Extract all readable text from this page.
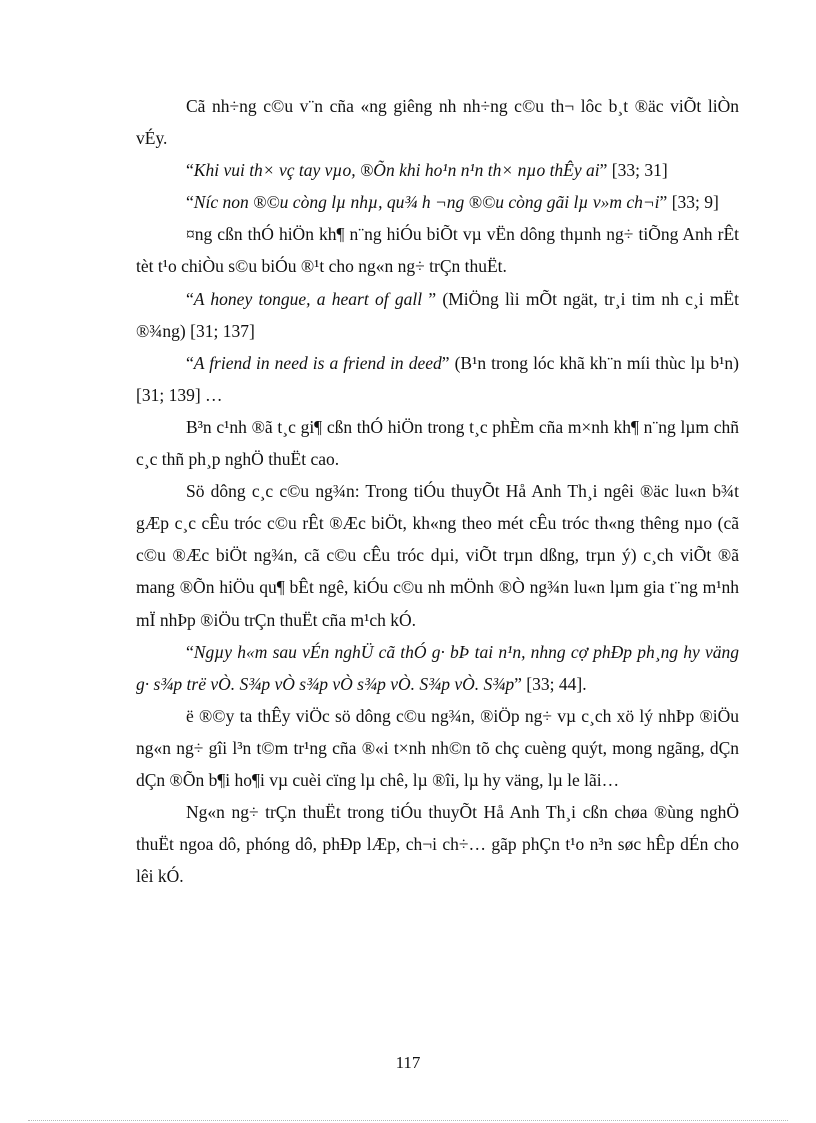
Cã nh÷ng c©u v¨n cña «ng giêng nh nh÷ng c©u th¬ lôc b¸t ®äc viÕt liÒn vÉy.

“Khi vui th× vç tay vµo, ®Õn khi ho¹n n¹n th× nµo thÊy ai” [33; 31]

“Níc non ®©u còng lµ nhµ, qu¾ h ¬ng ®©u còng gãi lµ v»m ch¬i” [33; 9]

¤ng cßn thÓ hiÖn kh¶ n¨ng hiÓu biÕt vµ vËn dông thµnh ng÷ tiÕng Anh rÊt tèt t¹o chiÒu s©u biÓu ®¹t cho ng«n ng÷ trÇn thuËt.

“A honey tongue, a heart of gall ” (MiÖng lìi mÕt ngät, tr¸i tim nh c¸i mËt ®¾ng) [31; 137]

“A friend in need is a friend in deed” (B¹n trong lóc khã kh¨n míi thùc lµ b¹n) [31; 139] …

B³n c¹nh ®ã t¸c gi¶ cßn thÓ hiÖn trong t¸c phÈm cña m×nh kh¶ n¨ng lµm chñ c¸c thñ ph¸p nghÖ thuËt cao.

Sö dông c¸c c©u ng¾n: Trong tiÓu thuyÕt Hå Anh Th¸i ngêi ®äc lu«n b¾t gÆp c¸c cÊu tróc c©u rÊt ®Æc biÖt, kh«ng theo mét cÊu tróc th«ng thêng nµo (cã c©u ®Æc biÖt ng¾n, cã c©u cÊu tróc dµi, viÕt trµn dßng, trµn ý) c¸ch viÕt ®ã mang ®Õn hiÖu qu¶ bÊt ngê, kiÓu c©u nh mÖnh ®Ò ng¾n lu«n lµm gia t¨ng m¹nh mÏ nhÞp ®iÖu trÇn thuËt cña m¹ch kÓ.

“Ngµy h«m sau vÉn nghÜ cã thÓ g· bÞ tai n¹n, nhng cợ phÐp ph¸ng hy väng g· s¾p trë vÒ. S¾p vÒ s¾p vÒ s¾p vÒ. S¾p vÒ. S¾p” [33; 44].

ë ®©y ta thÊy viÖc sö dông c©u ng¾n, ®iÖp ng÷ vµ c¸ch xö lý nhÞp ®iÖu ng«n ng÷ gîi l³n t©m tr¹ng cña ®«i t×nh nh©n tõ chç cuèng quýt, mong ngãng, dÇn dÇn ®Õn b¶i ho¶i vµ cuèi cïng lµ chê, lµ ®îi, lµ hy väng, lµ le lãi…

Ng«n ng÷ trÇn thuËt trong tiÓu thuyÕt Hå Anh Th¸i cßn chøa ®ùng nghÖ thuËt ngoa dô, phóng dô, phÐp lÆp, ch¬i ch÷… gãp phÇn t¹o n³n søc hÊp dÉn cho lêi kÓ.

117
